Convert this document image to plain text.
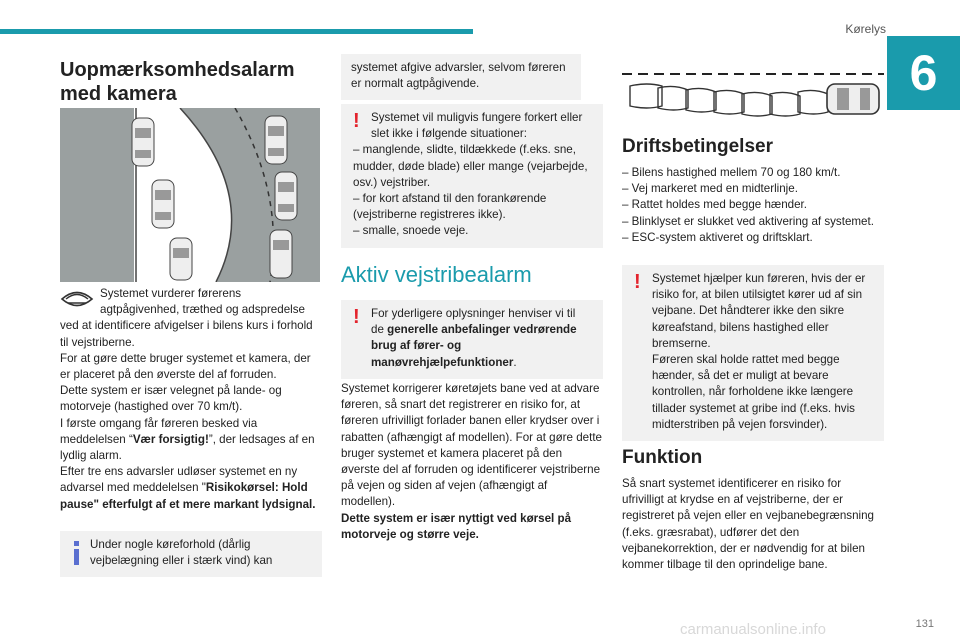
Kørelys
6
Uopmærksomhedsalarm med kamera

Systemet vurderer førerens agtpågivenhed, træthed og adspredelse ved at identificere afvigelser i bilens kurs i forhold til vejstriberne.

For at gøre dette bruger systemet et kamera, der er placeret på den øverste del af forruden.

Dette system er især velegnet på lande- og motorveje (hastighed over 70 km/t).

I første omgang får føreren besked via meddelelsen “Vær forsigtig!”, der ledsages af en lydlig alarm.

Efter tre ens advarsler udløser systemet en ny advarsel med meddelelsen "Risikokørsel: Hold pause" efterfulgt af et mere markant lydsignal.

Under nogle køreforhold (dårlig vejbelægning eller i stærk vind) kan

systemet afgive advarsler, selvom føreren er normalt agtpågivende.

! Systemet vil muligvis fungere forkert eller slet ikke i følgende situationer:

– manglende, slidte, tildækkede (f.eks. sne, mudder, døde blade) eller mange (vejarbejde, osv.) vejstriber.

– for kort afstand til den forankørende (vejstriberne registreres ikke).

– smalle, snoede veje.

Aktiv vejstribealarm
! For yderligere oplysninger henviser vi til de generelle anbefalinger vedrørende brug af fører- og manøvrehjælpefunktioner.

Systemet korrigerer køretøjets bane ved at advare føreren, så snart det registrerer en risiko for, at føreren ufrivilligt forlader banen eller krydser over i rabatten (afhængigt af modellen). For at gøre dette bruger systemet et kamera placeret på den øverste del af forruden og identificerer vejstriberne på vejen og siden af vejen (afhængigt af modellen).

Dette system er især nyttigt ved kørsel på motorveje og større veje.

Driftsbetingelser

– Bilens hastighed mellem 70 og 180 km/t.

– Vej markeret med en midterlinje.

– Rattet holdes med begge hænder.

– Blinklyset er slukket ved aktivering af systemet.

– ESC-system aktiveret og driftsklart.

! Systemet hjælper kun føreren, hvis der er risiko for, at bilen utilsigtet kører ud af sin vejbane. Det håndterer ikke den sikre køreafstand, bilens hastighed eller bremserne.

Føreren skal holde rattet med begge hænder, så det er muligt at bevare kontrollen, når forholdene ikke længere tillader systemet at gribe ind (f.eks. hvis midterstriben på vejen forsvinder).

Funktion

Så snart systemet identificerer en risiko for ufrivilligt at krydse en af vejstriberne, der er registreret på vejen eller en vejbanebegrænsning (f.eks. græsrabat), udfører det den vejbanekorrektion, der er nødvendig for at bilen kommer tilbage til den oprindelige bane.

carmanualsonline.info	131
